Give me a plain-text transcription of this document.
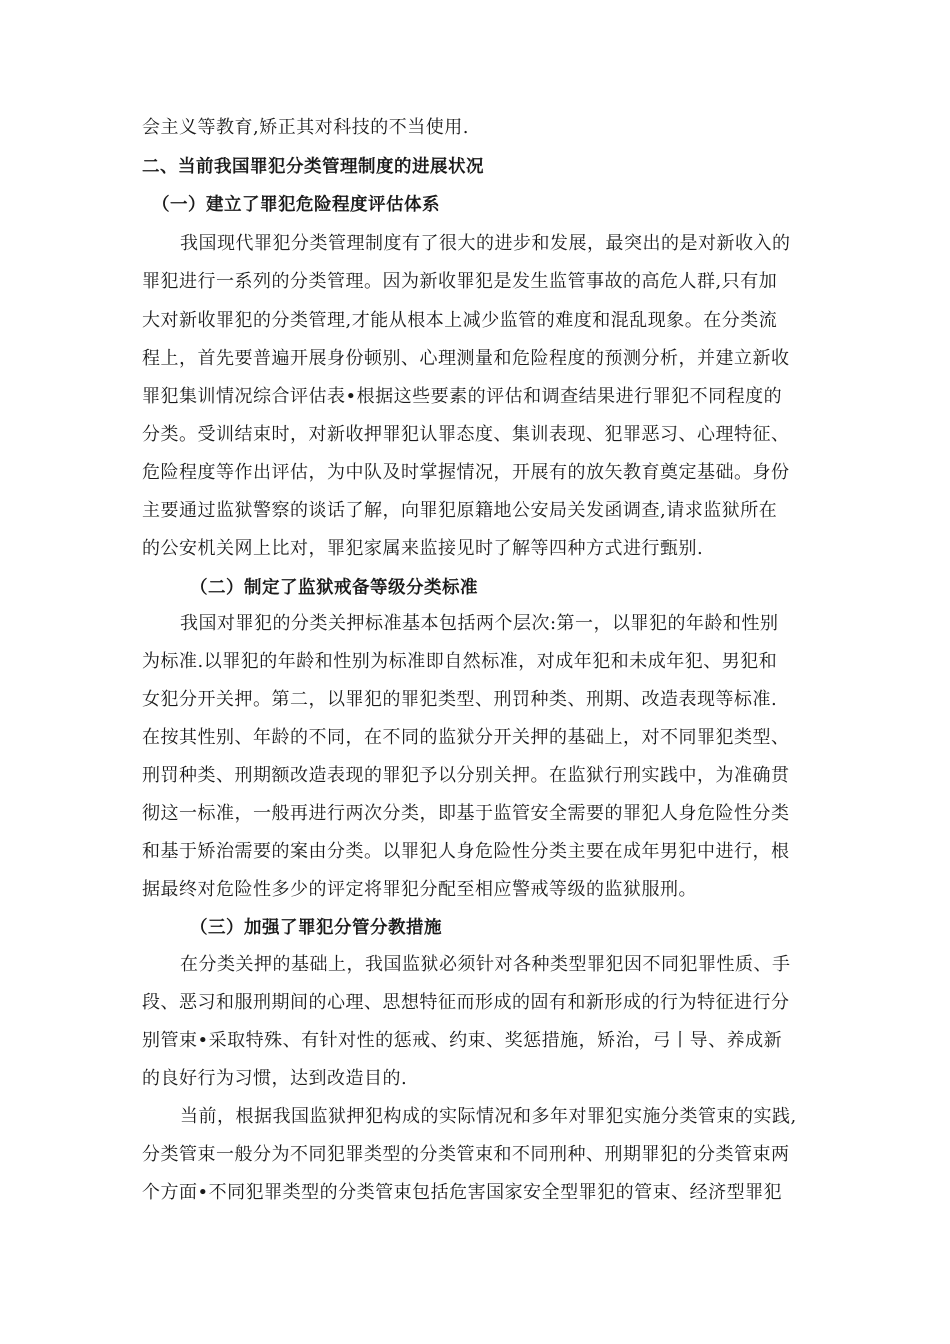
会主义等教育,矫正其对科技的不当使用.
二、当前我国罪犯分类管理制度的进展状况
（一）建立了罪犯危险程度评估体系
我国现代罪犯分类管理制度有了很大的进步和发展，最突出的是对新收入的
罪犯进行一系列的分类管理。因为新收罪犯是发生监管事故的高危人群,只有加
大对新收罪犯的分类管理,才能从根本上减少监管的难度和混乱现象。在分类流
程上，首先要普遍开展身份顿别、心理测量和危险程度的预测分析，并建立新收
罪犯集训情况综合评估表•根据这些要素的评估和调查结果进行罪犯不同程度的
分类。受训结束时，对新收押罪犯认罪态度、集训表现、犯罪恶习、心理特征、
危险程度等作出评估，为中队及时掌握情况，开展有的放矢教育奠定基础。身份
主要通过监狱警察的谈话了解，向罪犯原籍地公安局关发函调查,请求监狱所在
的公安机关网上比对，罪犯家属来监接见时了解等四种方式进行甄别.
（二）制定了监狱戒备等级分类标准
我国对罪犯的分类关押标准基本包括两个层次:第一，以罪犯的年龄和性别
为标准.以罪犯的年龄和性别为标准即自然标准，对成年犯和未成年犯、男犯和
女犯分开关押。第二，以罪犯的罪犯类型、刑罚种类、刑期、改造表现等标准.
在按其性别、年龄的不同，在不同的监狱分开关押的基础上，对不同罪犯类型、
刑罚种类、刑期额改造表现的罪犯予以分别关押。在监狱行刑实践中，为准确贯
彻这一标准，一般再进行两次分类，即基于监管安全需要的罪犯人身危险性分类
和基于矫治需要的案由分类。以罪犯人身危险性分类主要在成年男犯中进行，根
据最终对危险性多少的评定将罪犯分配至相应警戒等级的监狱服刑。
（三）加强了罪犯分管分教措施
在分类关押的基础上，我国监狱必须针对各种类型罪犯因不同犯罪性质、手
段、恶习和服刑期间的心理、思想特征而形成的固有和新形成的行为特征进行分
别管束•采取特殊、有针对性的惩戒、约束、奖惩措施，矫治，弓丨导、养成新
的良好行为习惯，达到改造目的.
当前，根据我国监狱押犯构成的实际情况和多年对罪犯实施分类管束的实践,
分类管束一般分为不同犯罪类型的分类管束和不同刑种、刑期罪犯的分类管束两
个方面•不同犯罪类型的分类管束包括危害国家安全型罪犯的管束、经济型罪犯
